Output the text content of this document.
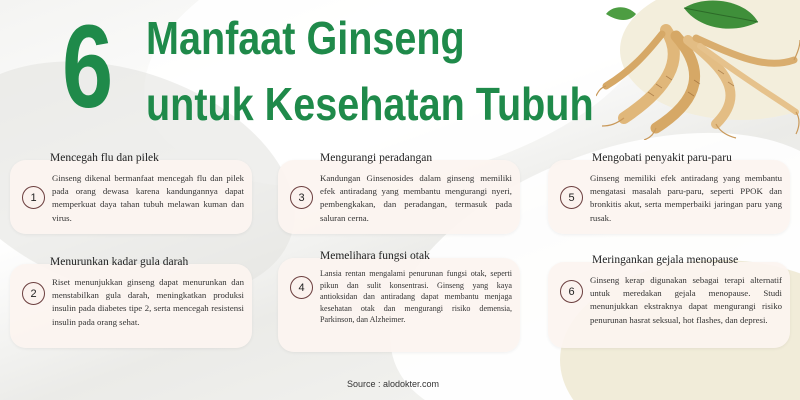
6 Manfaat Ginseng
untuk Kesehatan Tubuh
Mencegah flu dan pilek
1
Ginseng dikenal bermanfaat mencegah flu dan pilek pada orang dewasa karena kandungannya dapat memperkuat daya tahan tubuh melawan kuman dan virus.
Menurunkan kadar gula darah
2
Riset menunjukkan ginseng dapat menurunkan dan menstabilkan gula darah, meningkatkan produksi insulin pada diabetes tipe 2, serta mencegah resistensi insulin pada orang sehat.
Mengurangi peradangan
3
Kandungan Ginsenosides dalam ginseng memiliki efek antiradang yang membantu mengurangi nyeri, pembengkakan, dan peradangan, termasuk pada saluran cerna.
Memelihara fungsi otak
4
Lansia rentan mengalami penurunan fungsi otak, seperti pikun dan sulit konsentrasi. Ginseng yang kaya antioksidan dan antiradang dapat membantu menjaga kesehatan otak dan mengurangi risiko demensia, Parkinson, dan Alzheimer.
Mengobati penyakit paru-paru
5
Ginseng memiliki efek antiradang yang membantu mengatasi masalah paru-paru, seperti PPOK dan bronkitis akut, serta memperbaiki jaringan paru yang rusak.
Meringankan gejala menopause
6
Ginseng kerap digunakan sebagai terapi alternatif untuk meredakan gejala menopause. Studi menunjukkan ekstraknya dapat mengurangi risiko penurunan hasrat seksual, hot flashes, dan depresi.
Source : alodokter.com
